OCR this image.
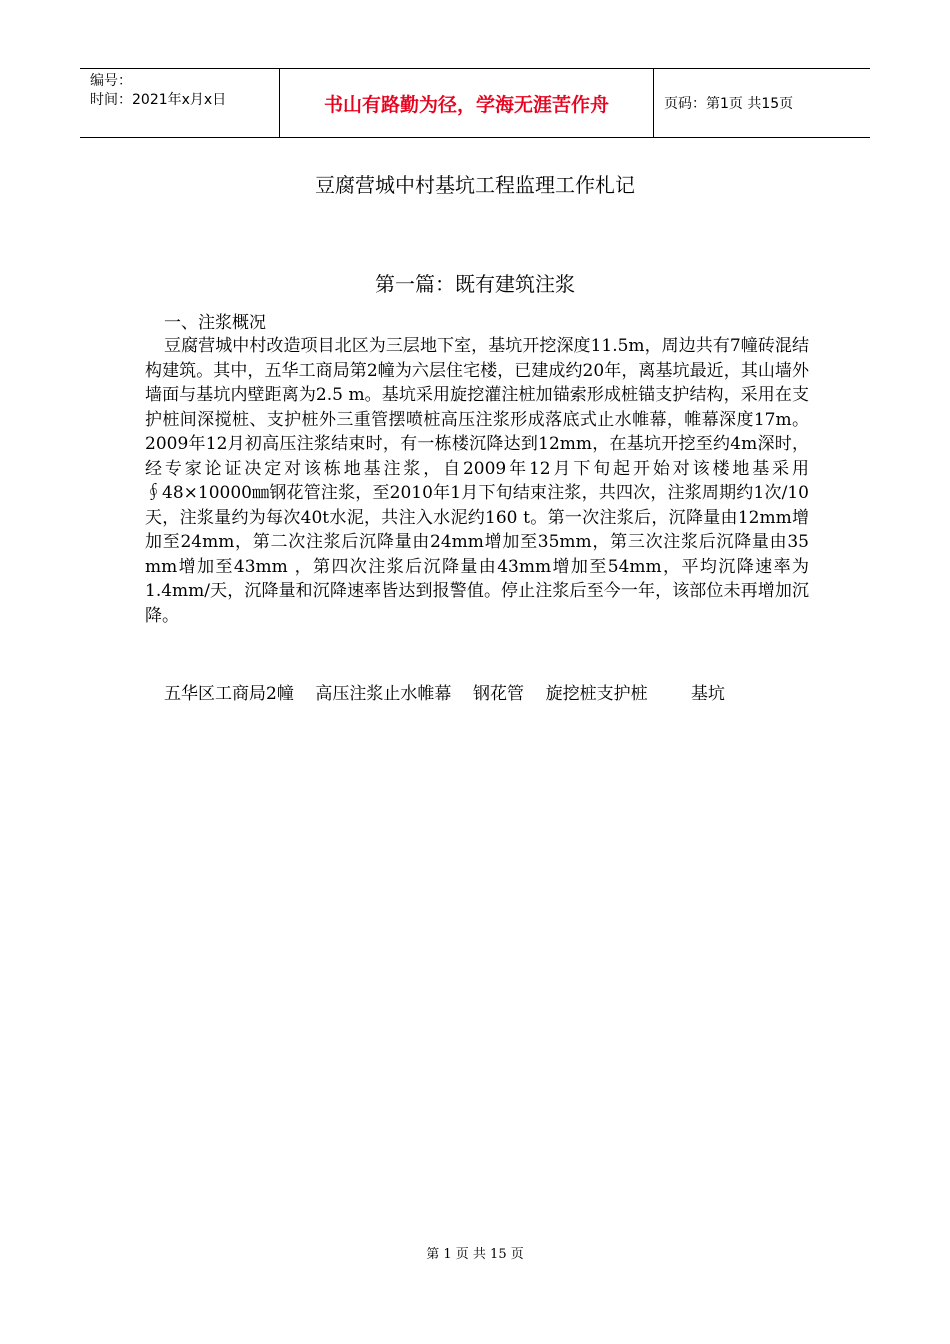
编号：
时间：2021年x月x日	书山有路勤为径，学海无涯苦作舟	页码：第1页 共15页
豆腐营城中村基坑工程监理工作札记
第一篇：既有建筑注浆
一、注浆概况

豆腐营城中村改造项目北区为三层地下室，基坑开挖深度11.5m，周边共有7幢砖混结构建筑。其中，五华工商局第2幢为六层住宅楼，已建成约20年，离基坑最近，其山墙外墙面与基坑内壁距离为2.5 m。基坑采用旋挖灌注桩加锚索形成桩锚支护结构，采用在支护桩间深搅桩、支护桩外三重管摆喷桩高压注浆形成落底式止水帷幕，帷幕深度17m。2009年12月初高压注浆结束时，有一栋楼沉降达到12mm，在基坑开挖至约4m深时，经专家论证决定对该栋地基注浆，自2009年12月下旬起开始对该楼地基采用∮48×10000㎜钢花管注浆，至2010年1月下旬结束注浆，共四次，注浆周期约1次/10天，注浆量约为每次40t水泥，共注入水泥约160 t。第一次注浆后，沉降量由12mm增加至24mm，第二次注浆后沉降量由24mm增加至35mm，第三次注浆后沉降量由35 mm增加至43mm ，第四次注浆后沉降量由43mm增加至54mm，平均沉降速率为1.4mm/天，沉降量和沉降速率皆达到报警值。停止注浆后至今一年，该部位未再增加沉降。

五华区工商局2幢    高压注浆止水帷幕    钢花管    旋挖桩支护桩        基坑
第 1 页 共 15 页
